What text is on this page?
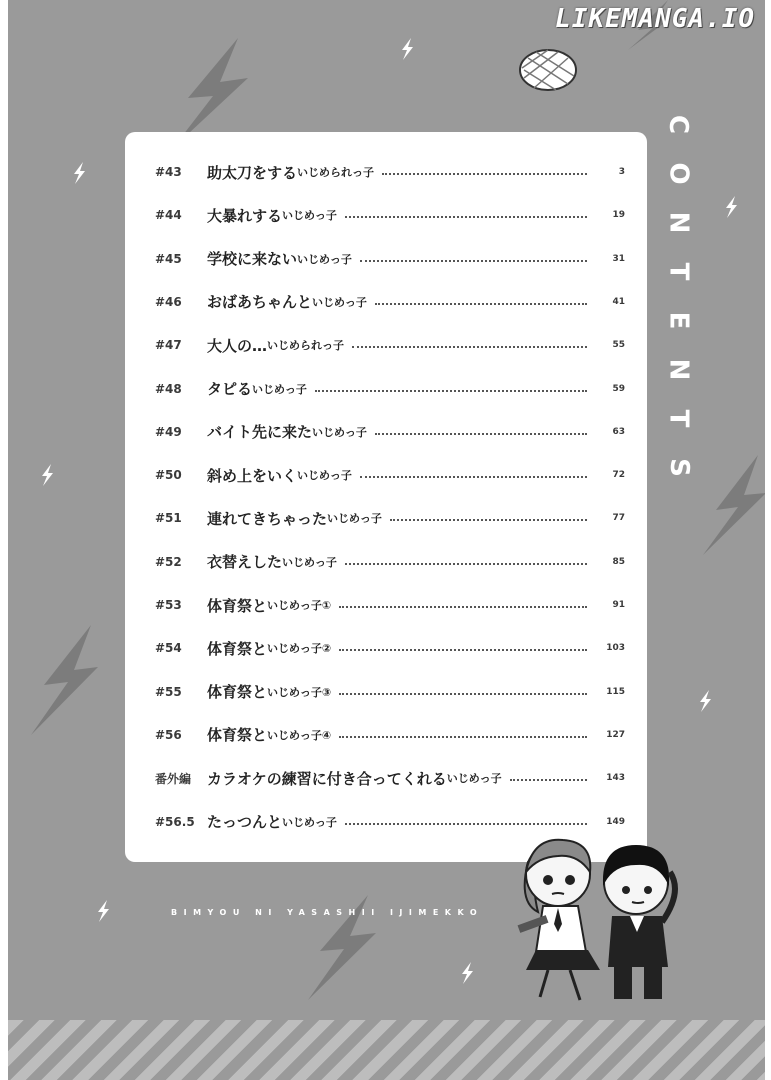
LIKEMANGA.IO
C
O
N
T
E
N
T
S
#43	助太刀をする いじめられっ子	3
#44	大暴れする いじめっ子	19
#45	学校に来ない いじめっ子	31
#46	おばあちゃんと いじめっ子	41
#47	大人の… いじめられっ子	55
#48	タピる いじめっ子	59
#49	バイト先に来た いじめっ子	63
#50	斜め上をいく いじめっ子	72
#51	連れてきちゃった いじめっ子	77
#52	衣替えした いじめっ子	85
#53	体育祭と いじめっ子①	91
#54	体育祭と いじめっ子②	103
#55	体育祭と いじめっ子③	115
#56	体育祭と いじめっ子④	127
番外編	カラオケの練習に付き合ってくれる いじめっ子	143
#56.5 たっつんと いじめっ子	149
BIMYOU NI YASASHII IJIMEKKO
